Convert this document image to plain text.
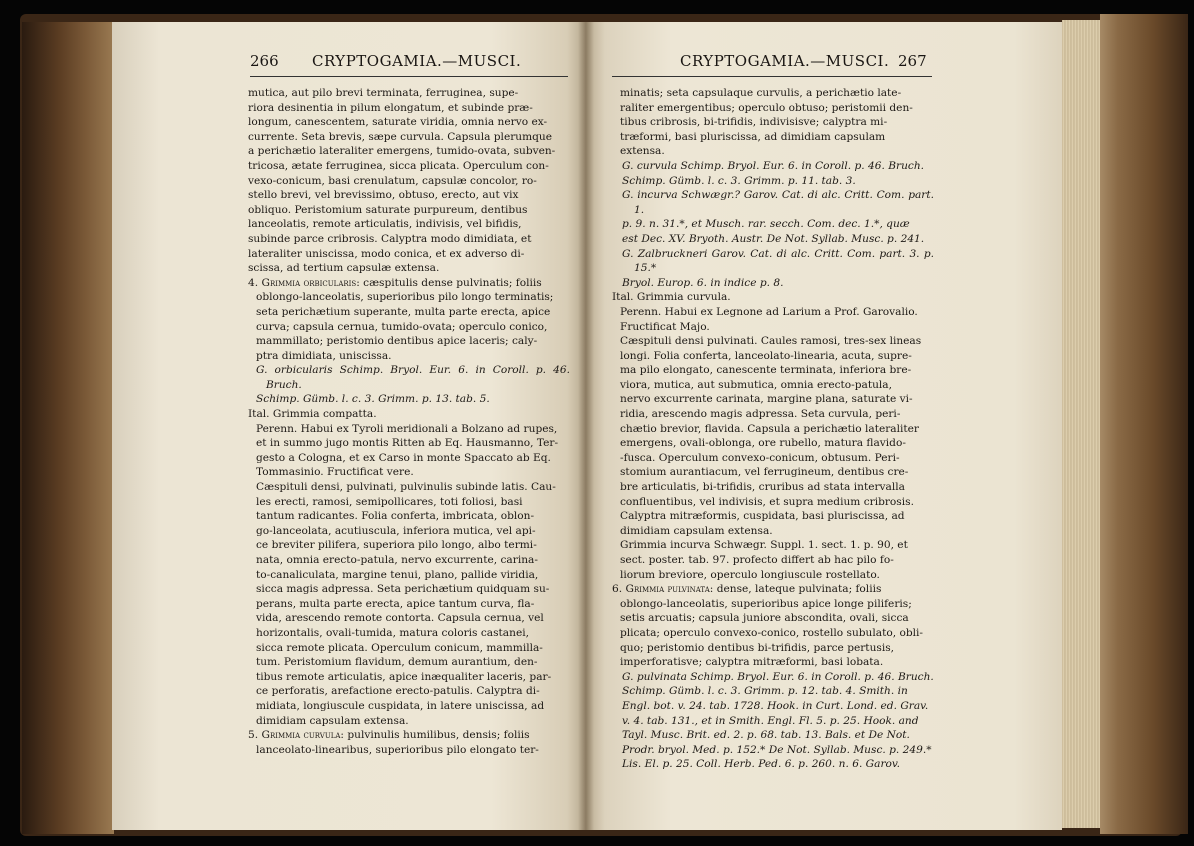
266 CRYPTOGAMIA.—MUSCI.	CRYPTOGAMIA.—MUSCI. 267
mutica, aut pilo brevi terminata, ferruginea, supe-
riora desinentia in pilum elongatum, et subinde præ-
longum, canescentem, saturate viridia, omnia nervo ex-
currente. Seta brevis, sæpe curvula. Capsula plerumque
a perichætio lateraliter emergens, tumido-ovata, subven-
tricosa, ætate ferruginea, sicca plicata. Operculum con-
vexo-conicum, basi crenulatum, capsulæ concolor, ro-
stello brevi, vel brevissimo, obtuso, erecto, aut vix
obliquo. Peristomium saturate purpureum, dentibus
lanceolatis, remote articulatis, indivisis, vel bifidis,
subinde parce cribrosis. Calyptra modo dimidiata, et
lateraliter uniscissa, modo conica, et ex adverso di-
scissa, ad tertium capsulæ extensa.
4. Grimmia orbicularis: cæspitulis dense pulvinatis; foliis
oblongo-lanceolatis, superioribus pilo longo terminatis;
seta perichætium superante, multa parte erecta, apice
curva; capsula cernua, tumido-ovata; operculo conico,
mammillato; peristomio dentibus apice laceris; caly-
ptra dimidiata, uniscissa.
G. orbicularis Schimp. Bryol. Eur. 6. in Coroll. p. 46. Bruch.
Schimp. Gümb. l. c. 3. Grimm. p. 13. tab. 5.
Ital. Grimmia compatta.
Perenn. Habui ex Tyroli meridionali a Bolzano ad rupes,
et in summo jugo montis Ritten ab Eq. Hausmanno, Ter-
gesto a Cologna, et ex Carso in monte Spaccato ab Eq.
Tommasinio. Fructificat vere.
Cæspituli densi, pulvinati, pulvinulis subinde latis. Cau-
les erecti, ramosi, semipollicares, toti foliosi, basi
tantum radicantes. Folia conferta, imbricata, oblon-
go-lanceolata, acutiuscula, inferiora mutica, vel api-
ce breviter pilifera, superiora pilo longo, albo termi-
nata, omnia erecto-patula, nervo excurrente, carina-
to-canaliculata, margine tenui, plano, pallide viridia,
sicca magis adpressa. Seta perichætium quidquam su-
perans, multa parte erecta, apice tantum curva, fla-
vida, arescendo remote contorta. Capsula cernua, vel
horizontalis, ovali-tumida, matura coloris castanei,
sicca remote plicata. Operculum conicum, mammilla-
tum. Peristomium flavidum, demum aurantium, den-
tibus remote articulatis, apice inæqualiter laceris, par-
ce perforatis, arefactione erecto-patulis. Calyptra di-
midiata, longiuscule cuspidata, in latere uniscissa, ad
dimidiam capsulam extensa.
5. Grimmia curvula: pulvinulis humilibus, densis; foliis
lanceolato-linearibus, superioribus pilo elongato ter-
minatis; seta capsulaque curvulis, a perichætio late-
raliter emergentibus; operculo obtuso; peristomii den-
tibus cribrosis, bi-trifidis, indivisisve; calyptra mi-
træformi, basi pluriscissa, ad dimidiam capsulam
extensa.
G. curvula Schimp. Bryol. Eur. 6. in Coroll. p. 46. Bruch.
Schimp. Gümb. l. c. 3. Grimm. p. 11. tab. 3.
G. incurva Schwægr.? Garov. Cat. di alc. Critt. Com. part. 1.
p. 9. n. 31.*, et Musch. rar. secch. Com. dec. 1.*, quæ
est Dec. XV. Bryoth. Austr. De Not. Syllab. Musc. p. 241.
G. Zalbruckneri Garov. Cat. di alc. Critt. Com. part. 3. p. 15.*
Bryol. Europ. 6. in indice p. 8.
Ital. Grimmia curvula.
Perenn. Habui ex Legnone ad Larium a Prof. Garovalio.
Fructificat Majo.
Cæspituli densi pulvinati. Caules ramosi, tres-sex lineas
longi. Folia conferta, lanceolato-linearia, acuta, supre-
ma pilo elongato, canescente terminata, inferiora bre-
viora, mutica, aut submutica, omnia erecto-patula,
nervo excurrente carinata, margine plana, saturate vi-
ridia, arescendo magis adpressa. Seta curvula, peri-
chætio brevior, flavida. Capsula a perichætio lateraliter
emergens, ovali-oblonga, ore rubello, matura flavido-
-fusca. Operculum convexo-conicum, obtusum. Peri-
stomium aurantiacum, vel ferrugineum, dentibus cre-
bre articulatis, bi-trifidis, cruribus ad stata intervalla
confluentibus, vel indivisis, et supra medium cribrosis.
Calyptra mitræformis, cuspidata, basi pluriscissa, ad
dimidiam capsulam extensa.
Grimmia incurva Schwægr. Suppl. 1. sect. 1. p. 90, et
sect. poster. tab. 97. profecto differt ab hac pilo fo-
liorum breviore, operculo longiuscule rostellato.
6. Grimmia pulvinata: dense, lateque pulvinata; foliis
oblongo-lanceolatis, superioribus apice longe piliferis;
setis arcuatis; capsula juniore abscondita, ovali, sicca
plicata; operculo convexo-conico, rostello subulato, obli-
quo; peristomio dentibus bi-trifidis, parce pertusis,
imperforatisve; calyptra mitræformi, basi lobata.
G. pulvinata Schimp. Bryol. Eur. 6. in Coroll. p. 46. Bruch.
Schimp. Gümb. l. c. 3. Grimm. p. 12. tab. 4. Smith. in
Engl. bot. v. 24. tab. 1728. Hook. in Curt. Lond. ed. Grav.
v. 4. tab. 131., et in Smith. Engl. Fl. 5. p. 25. Hook. and
Tayl. Musc. Brit. ed. 2. p. 68. tab. 13. Bals. et De Not.
Prodr. bryol. Med. p. 152.* De Not. Syllab. Musc. p. 249.*
Lis. El. p. 25. Coll. Herb. Ped. 6. p. 260. n. 6. Garov.
